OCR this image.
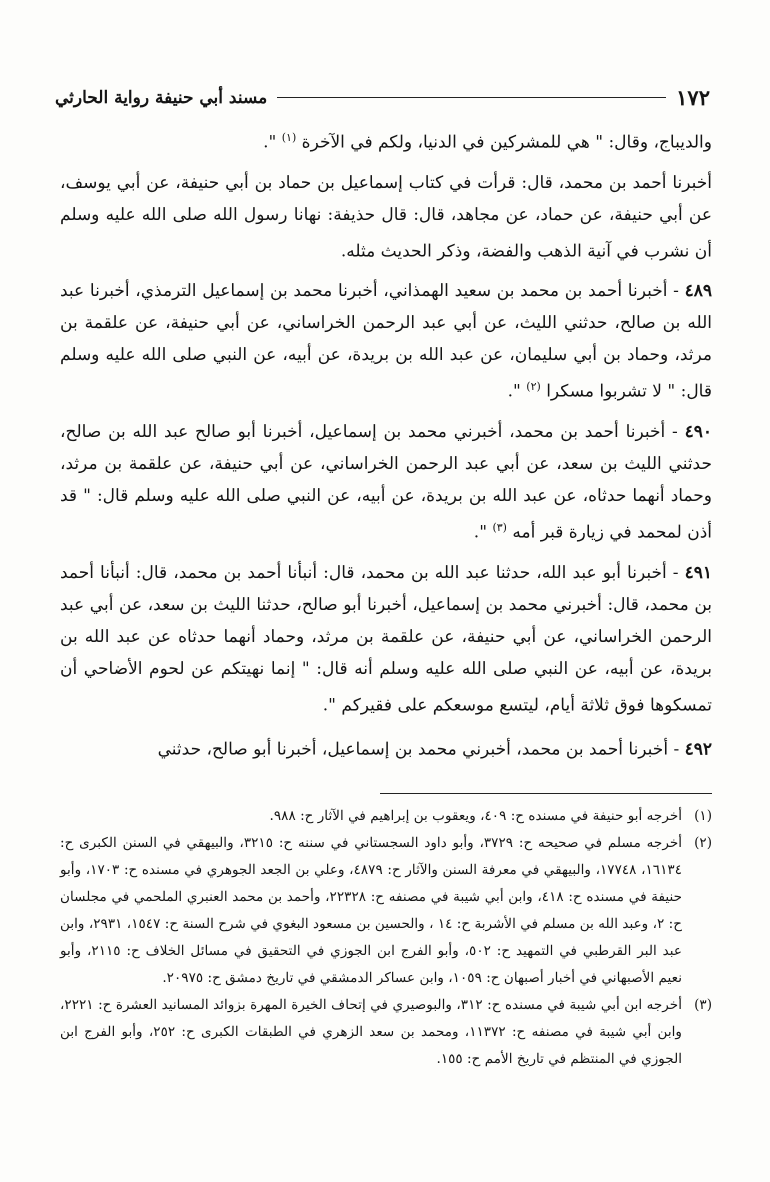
١٧٢
مسند أبي حنيفة رواية الحارثي

والديباج، وقال: " هي للمشركين في الدنيا، ولكم في الآخرة $^{(١)}$ ".

أخبرنا أحمد بن محمد، قال: قرأت في كتاب إسماعيل بن حماد بن أبي حنيفة، عن أبي يوسف، عن أبي حنيفة، عن حماد، عن مجاهد، قال: قال حذيفة: نهانا رسول الله صلى الله عليه وسلم أن نشرب في آنية الذهب والفضة، وذكر الحديث مثله.

٤٨٩ - أخبرنا أحمد بن محمد بن سعيد الهمذاني، أخبرنا محمد بن إسماعيل الترمذي، أخبرنا عبد الله بن صالح، حدثني الليث، عن أبي عبد الرحمن الخراساني، عن أبي حنيفة، عن علقمة بن مرثد، وحماد بن أبي سليمان، عن عبد الله بن بريدة، عن أبيه، عن النبي صلى الله عليه وسلم قال: " لا تشربوا مسكرا $^{(٢)}$ ".

٤٩٠ - أخبرنا أحمد بن محمد، أخبرني محمد بن إسماعيل، أخبرنا أبو صالح عبد الله بن صالح، حدثني الليث بن سعد، عن أبي عبد الرحمن الخراساني، عن أبي حنيفة، عن علقمة بن مرثد، وحماد أنهما حدثاه، عن عبد الله بن بريدة، عن أبيه، عن النبي صلى الله عليه وسلم قال: " قد أذن لمحمد في زيارة قبر أمه $^{(٣)}$ ".

٤٩١ - أخبرنا أبو عبد الله، حدثنا عبد الله بن محمد، قال: أنبأنا أحمد بن محمد، قال: أنبأنا أحمد بن محمد، قال: أخبرني محمد بن إسماعيل، أخبرنا أبو صالح، حدثنا الليث بن سعد، عن أبي عبد الرحمن الخراساني، عن أبي حنيفة، عن علقمة بن مرثد، وحماد أنهما حدثاه عن عبد الله بن بريدة، عن أبيه، عن النبي صلى الله عليه وسلم أنه قال: " إنما نهيتكم عن لحوم الأضاحي أن تمسكوها فوق ثلاثة أيام، ليتسع موسعكم على فقيركم ".

٤٩٢ - أخبرنا أحمد بن محمد، أخبرني محمد بن إسماعيل، أخبرنا أبو صالح، حدثني

(١)
أخرجه أبو حنيفة في مسنده ح: ٤٠٩، ويعقوب بن إبراهيم في الآثار ح: ٩٨٨.

(٢)
أخرجه مسلم في صحيحه ح: ٣٧٢٩، وأبو داود السجستاني في سننه ح: ٣٢١٥، والبيهقي في السنن الكبرى ح: ١٦١٣٤، ١٧٧٤٨، والبيهقي في معرفة السنن والآثار ح: ٤٨٧٩، وعلي بن الجعد الجوهري في مسنده ح: ١٧٠٣، وأبو حنيفة في مسنده ح: ٤١٨، وابن أبي شيبة في مصنفه ح: ٢٢٣٢٨، وأحمد بن محمد العنبري الملحمي في مجلسان ح: ٢، وعبد الله بن مسلم في الأشربة ح: ١٤ ، والحسين بن مسعود البغوي في شرح السنة ح: ١٥٤٧، ٢٩٣١، وابن عبد البر القرطبي في التمهيد ح: ٥٠٢، وأبو الفرج ابن الجوزي في التحقيق في مسائل الخلاف ح: ٢١١٥، وأبو نعيم الأصبهاني في أخبار أصبهان ح: ١٠٥٩، وابن عساكر الدمشقي في تاريخ دمشق ح: ٢٠٩٧٥.

(٣)
أخرجه ابن أبي شيبة في مسنده ح: ٣١٢، والبوصيري في إتحاف الخيرة المهرة بزوائد المسانيد العشرة ح: ٢٢٢١، وابن أبي شيبة في مصنفه ح: ١١٣٧٢، ومحمد بن سعد الزهري في الطبقات الكبرى ح: ٢٥٢، وأبو الفرج ابن الجوزي في المنتظم في تاريخ الأمم ح: ١٥٥.
